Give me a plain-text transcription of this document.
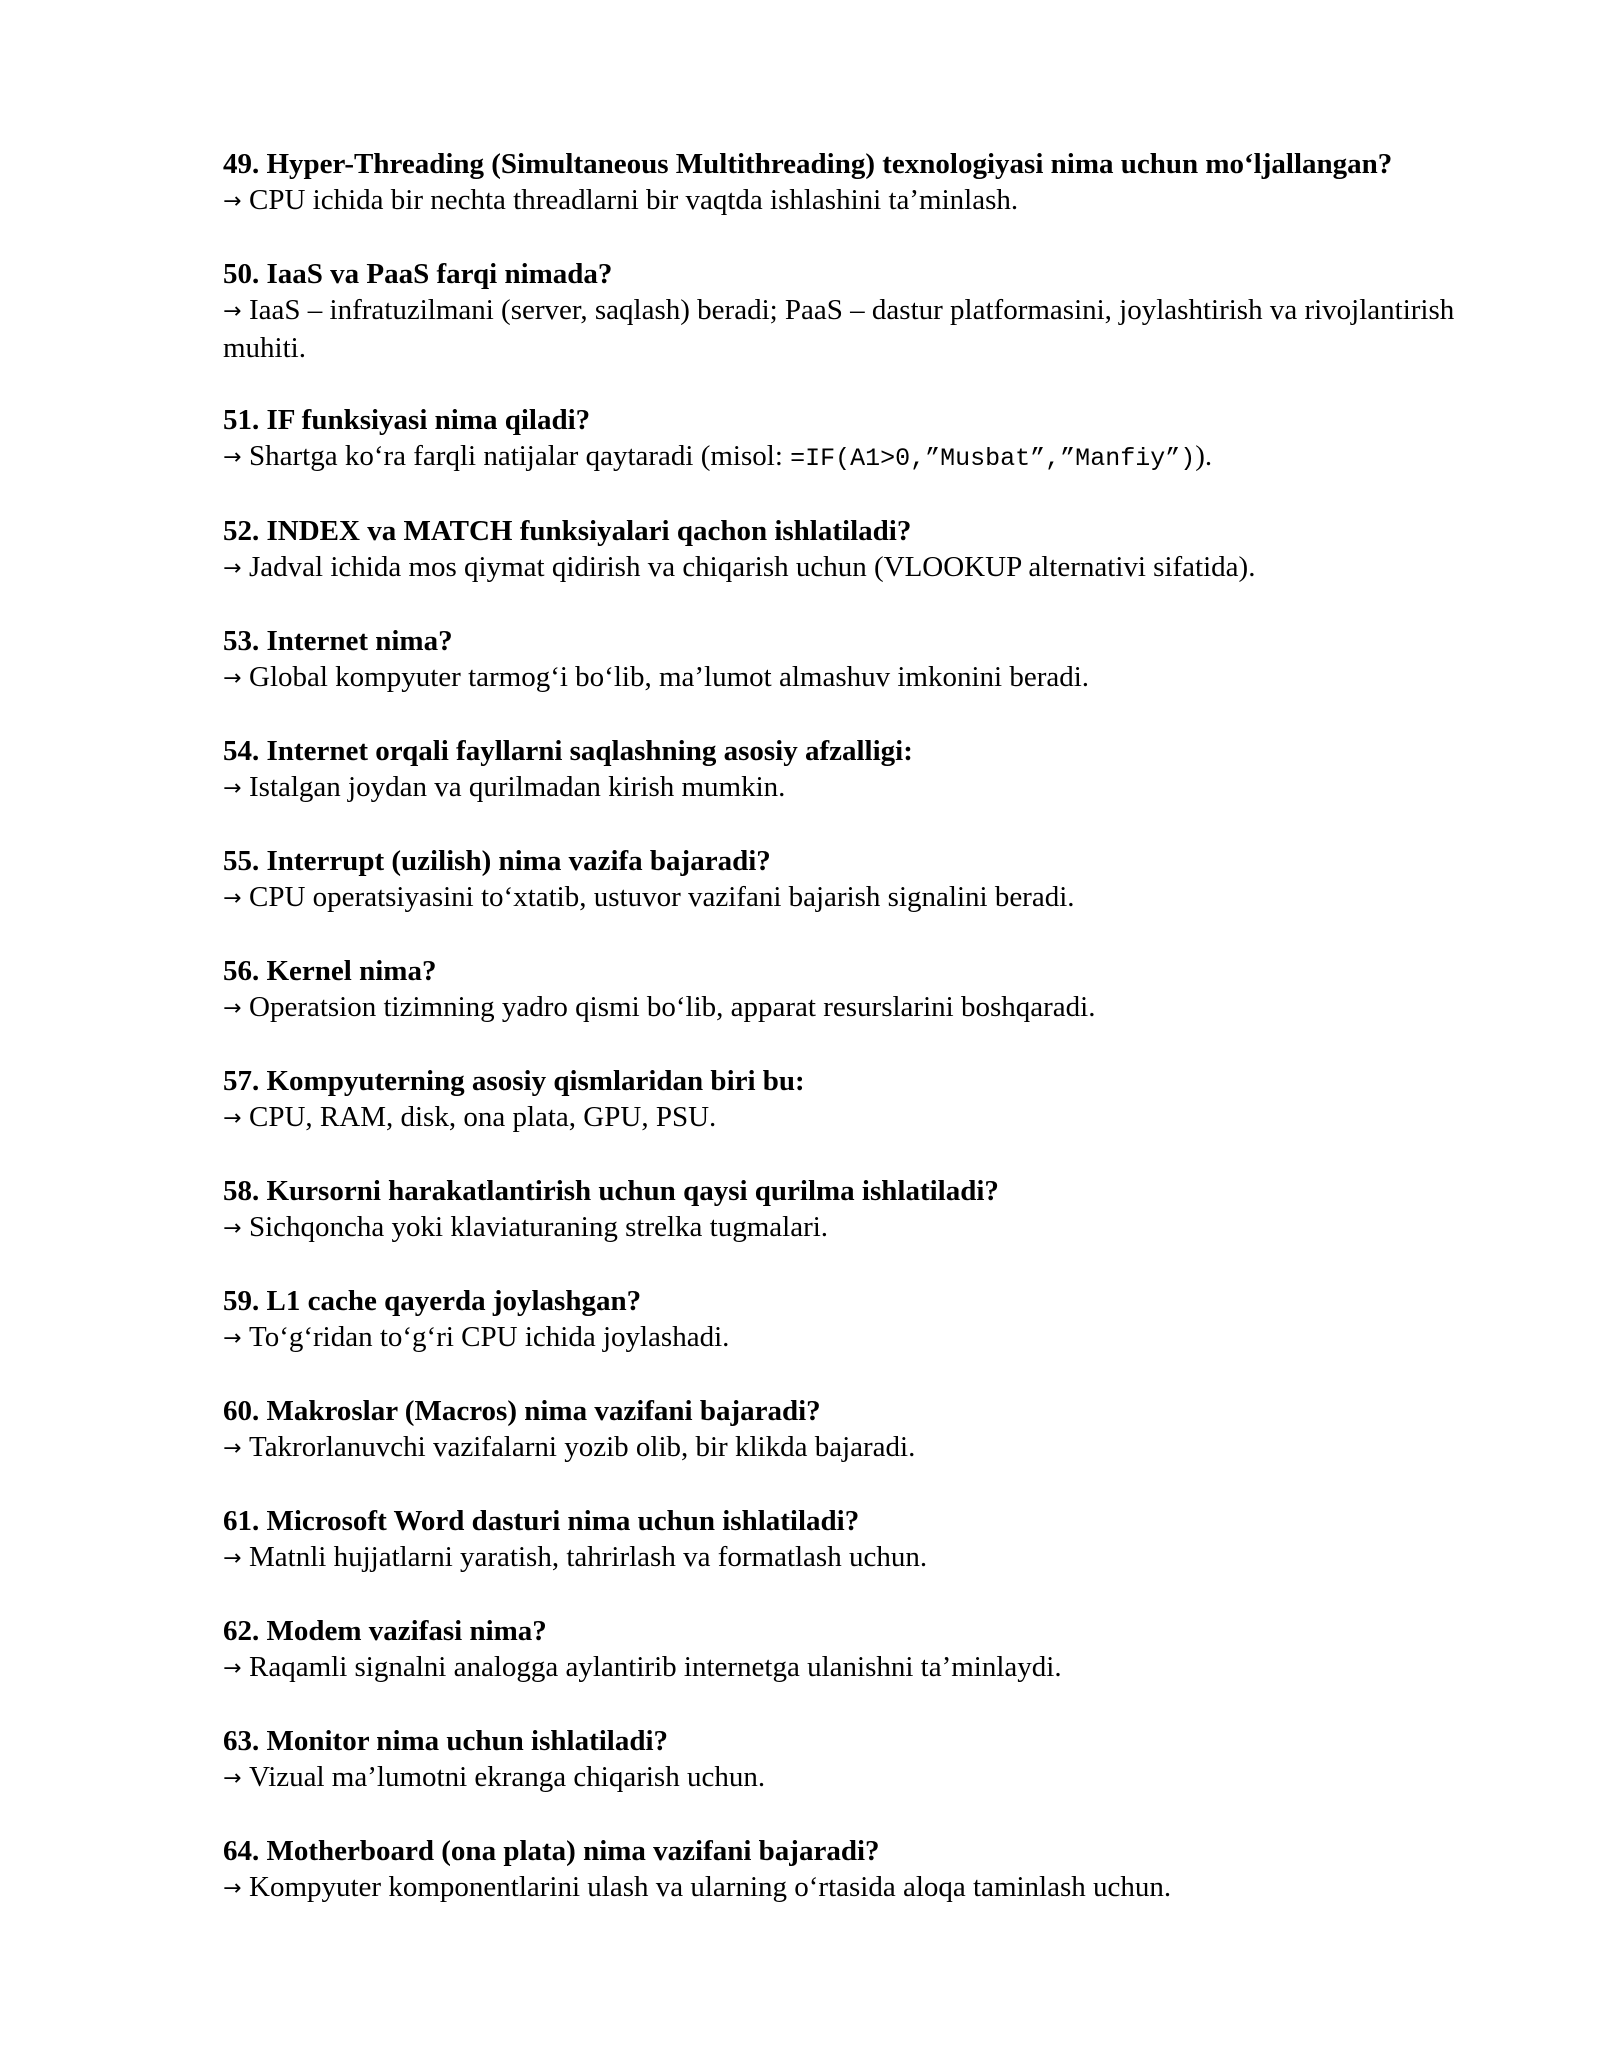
49. Hyper-Threading (Simultaneous Multithreading) texnologiyasi nima uchun mo‘ljallangan?
→ CPU ichida bir nechta threadlarni bir vaqtda ishlashini ta’minlash.
50. IaaS va PaaS farqi nimada?
→ IaaS – infratuzilmani (server, saqlash) beradi; PaaS – dastur platformasini, joylashtirish va rivojlantirish muhiti.
51. IF funksiyasi nima qiladi?
→ Shartga ko‘ra farqli natijalar qaytaradi (misol: =IF(A1>0,”Musbat”,”Manfiy”)).
52. INDEX va MATCH funksiyalari qachon ishlatiladi?
→ Jadval ichida mos qiymat qidirish va chiqarish uchun (VLOOKUP alternativi sifatida).
53. Internet nima?
→ Global kompyuter tarmog‘i bo‘lib, ma’lumot almashuv imkonini beradi.
54. Internet orqali fayllarni saqlashning asosiy afzalligi:
→ Istalgan joydan va qurilmadan kirish mumkin.
55. Interrupt (uzilish) nima vazifa bajaradi?
→ CPU operatsiyasini to‘xtatib, ustuvor vazifani bajarish signalini beradi.
56. Kernel nima?
→ Operatsion tizimning yadro qismi bo‘lib, apparat resurslarini boshqaradi.
57. Kompyuterning asosiy qismlaridan biri bu:
→ CPU, RAM, disk, ona plata, GPU, PSU.
58. Kursorni harakatlantirish uchun qaysi qurilma ishlatiladi?
→ Sichqoncha yoki klaviaturaning strelka tugmalari.
59. L1 cache qayerda joylashgan?
→ To‘g‘ridan to‘g‘ri CPU ichida joylashadi.
60. Makroslar (Macros) nima vazifani bajaradi?
→ Takrorlanuvchi vazifalarni yozib olib, bir klikda bajaradi.
61. Microsoft Word dasturi nima uchun ishlatiladi?
→ Matnli hujjatlarni yaratish, tahrirlash va formatlash uchun.
62. Modem vazifasi nima?
→ Raqamli signalni analogga aylantirib internetga ulanishni ta’minlaydi.
63. Monitor nima uchun ishlatiladi?
→ Vizual ma’lumotni ekranga chiqarish uchun.
64. Motherboard (ona plata) nima vazifani bajaradi?
→ Kompyuter komponentlarini ulash va ularning o‘rtasida aloqa taminlash uchun.
